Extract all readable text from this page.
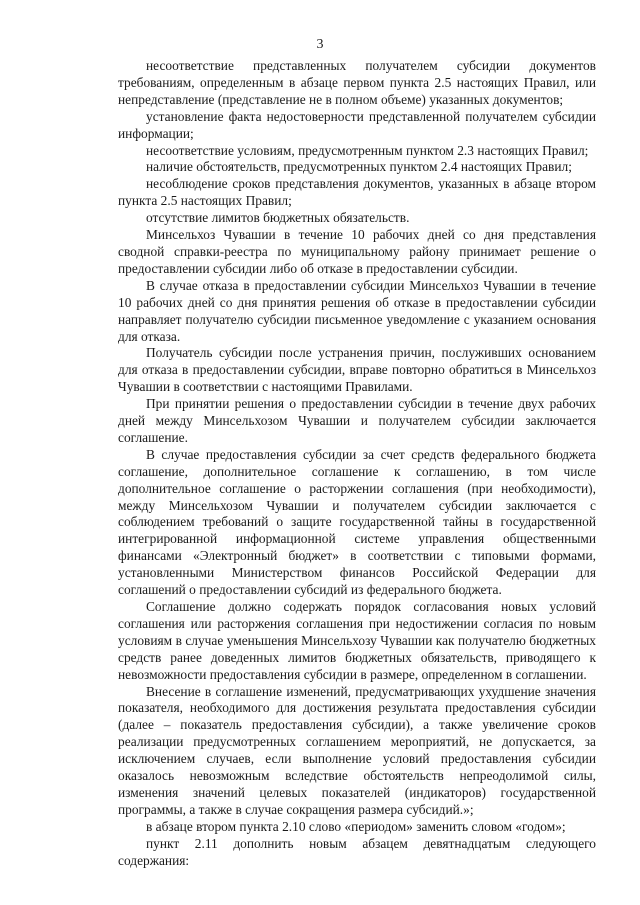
3

несоответствие представленных получателем субсидии документов требованиям, определенным в абзаце первом пункта 2.5 настоящих Правил, или непредставление (представление не в полном объеме) указанных документов;

установление факта недостоверности представленной получателем субсидии информации;

несоответствие условиям, предусмотренным пунктом 2.3 настоящих Правил;

наличие обстоятельств, предусмотренных пунктом 2.4 настоящих Правил;

несоблюдение сроков представления документов, указанных в абзаце втором пункта 2.5 настоящих Правил;

отсутствие лимитов бюджетных обязательств.

Минсельхоз Чувашии в течение 10 рабочих дней со дня представления сводной справки-реестра по муниципальному району принимает решение о предоставлении субсидии либо об отказе в предоставлении субсидии.

В случае отказа в предоставлении субсидии Минсельхоз Чувашии в течение 10 рабочих дней со дня принятия решения об отказе в предоставлении субсидии направляет получателю субсидии письменное уведомление с указанием основания для отказа.

Получатель субсидии после устранения причин, послуживших основанием для отказа в предоставлении субсидии, вправе повторно обратиться в Минсельхоз Чувашии в соответствии с настоящими Правилами.

При принятии решения о предоставлении субсидии в течение двух рабочих дней между Минсельхозом Чувашии и получателем субсидии заключается соглашение.

В случае предоставления субсидии за счет средств федерального бюджета соглашение, дополнительное соглашение к соглашению, в том числе дополнительное соглашение о расторжении соглашения (при необходимости), между Минсельхозом Чувашии и получателем субсидии заключается с соблюдением требований о защите государственной тайны в государственной интегрированной информационной системе управления общественными финансами «Электронный бюджет» в соответствии с типовыми формами, установленными Министерством финансов Российской Федерации для соглашений о предоставлении субсидий из федерального бюджета.

Соглашение должно содержать порядок согласования новых условий соглашения или расторжения соглашения при недостижении согласия по новым условиям в случае уменьшения Минсельхозу Чувашии как получателю бюджетных средств ранее доведенных лимитов бюджетных обязательств, приводящего к невозможности предоставления субсидии в размере, определенном в соглашении.

Внесение в соглашение изменений, предусматривающих ухудшение значения показателя, необходимого для достижения результата предоставления субсидии (далее – показатель предоставления субсидии), а также увеличение сроков реализации предусмотренных соглашением мероприятий, не допускается, за исключением случаев, если выполнение условий предоставления субсидии оказалось невозможным вследствие обстоятельств непреодолимой силы, изменения значений целевых показателей (индикаторов) государственной программы, а также в случае сокращения размера субсидий.»;

в абзаце втором пункта 2.10 слово «периодом» заменить словом «годом»;

пункт 2.11 дополнить новым абзацем девятнадцатым следующего содержания:
